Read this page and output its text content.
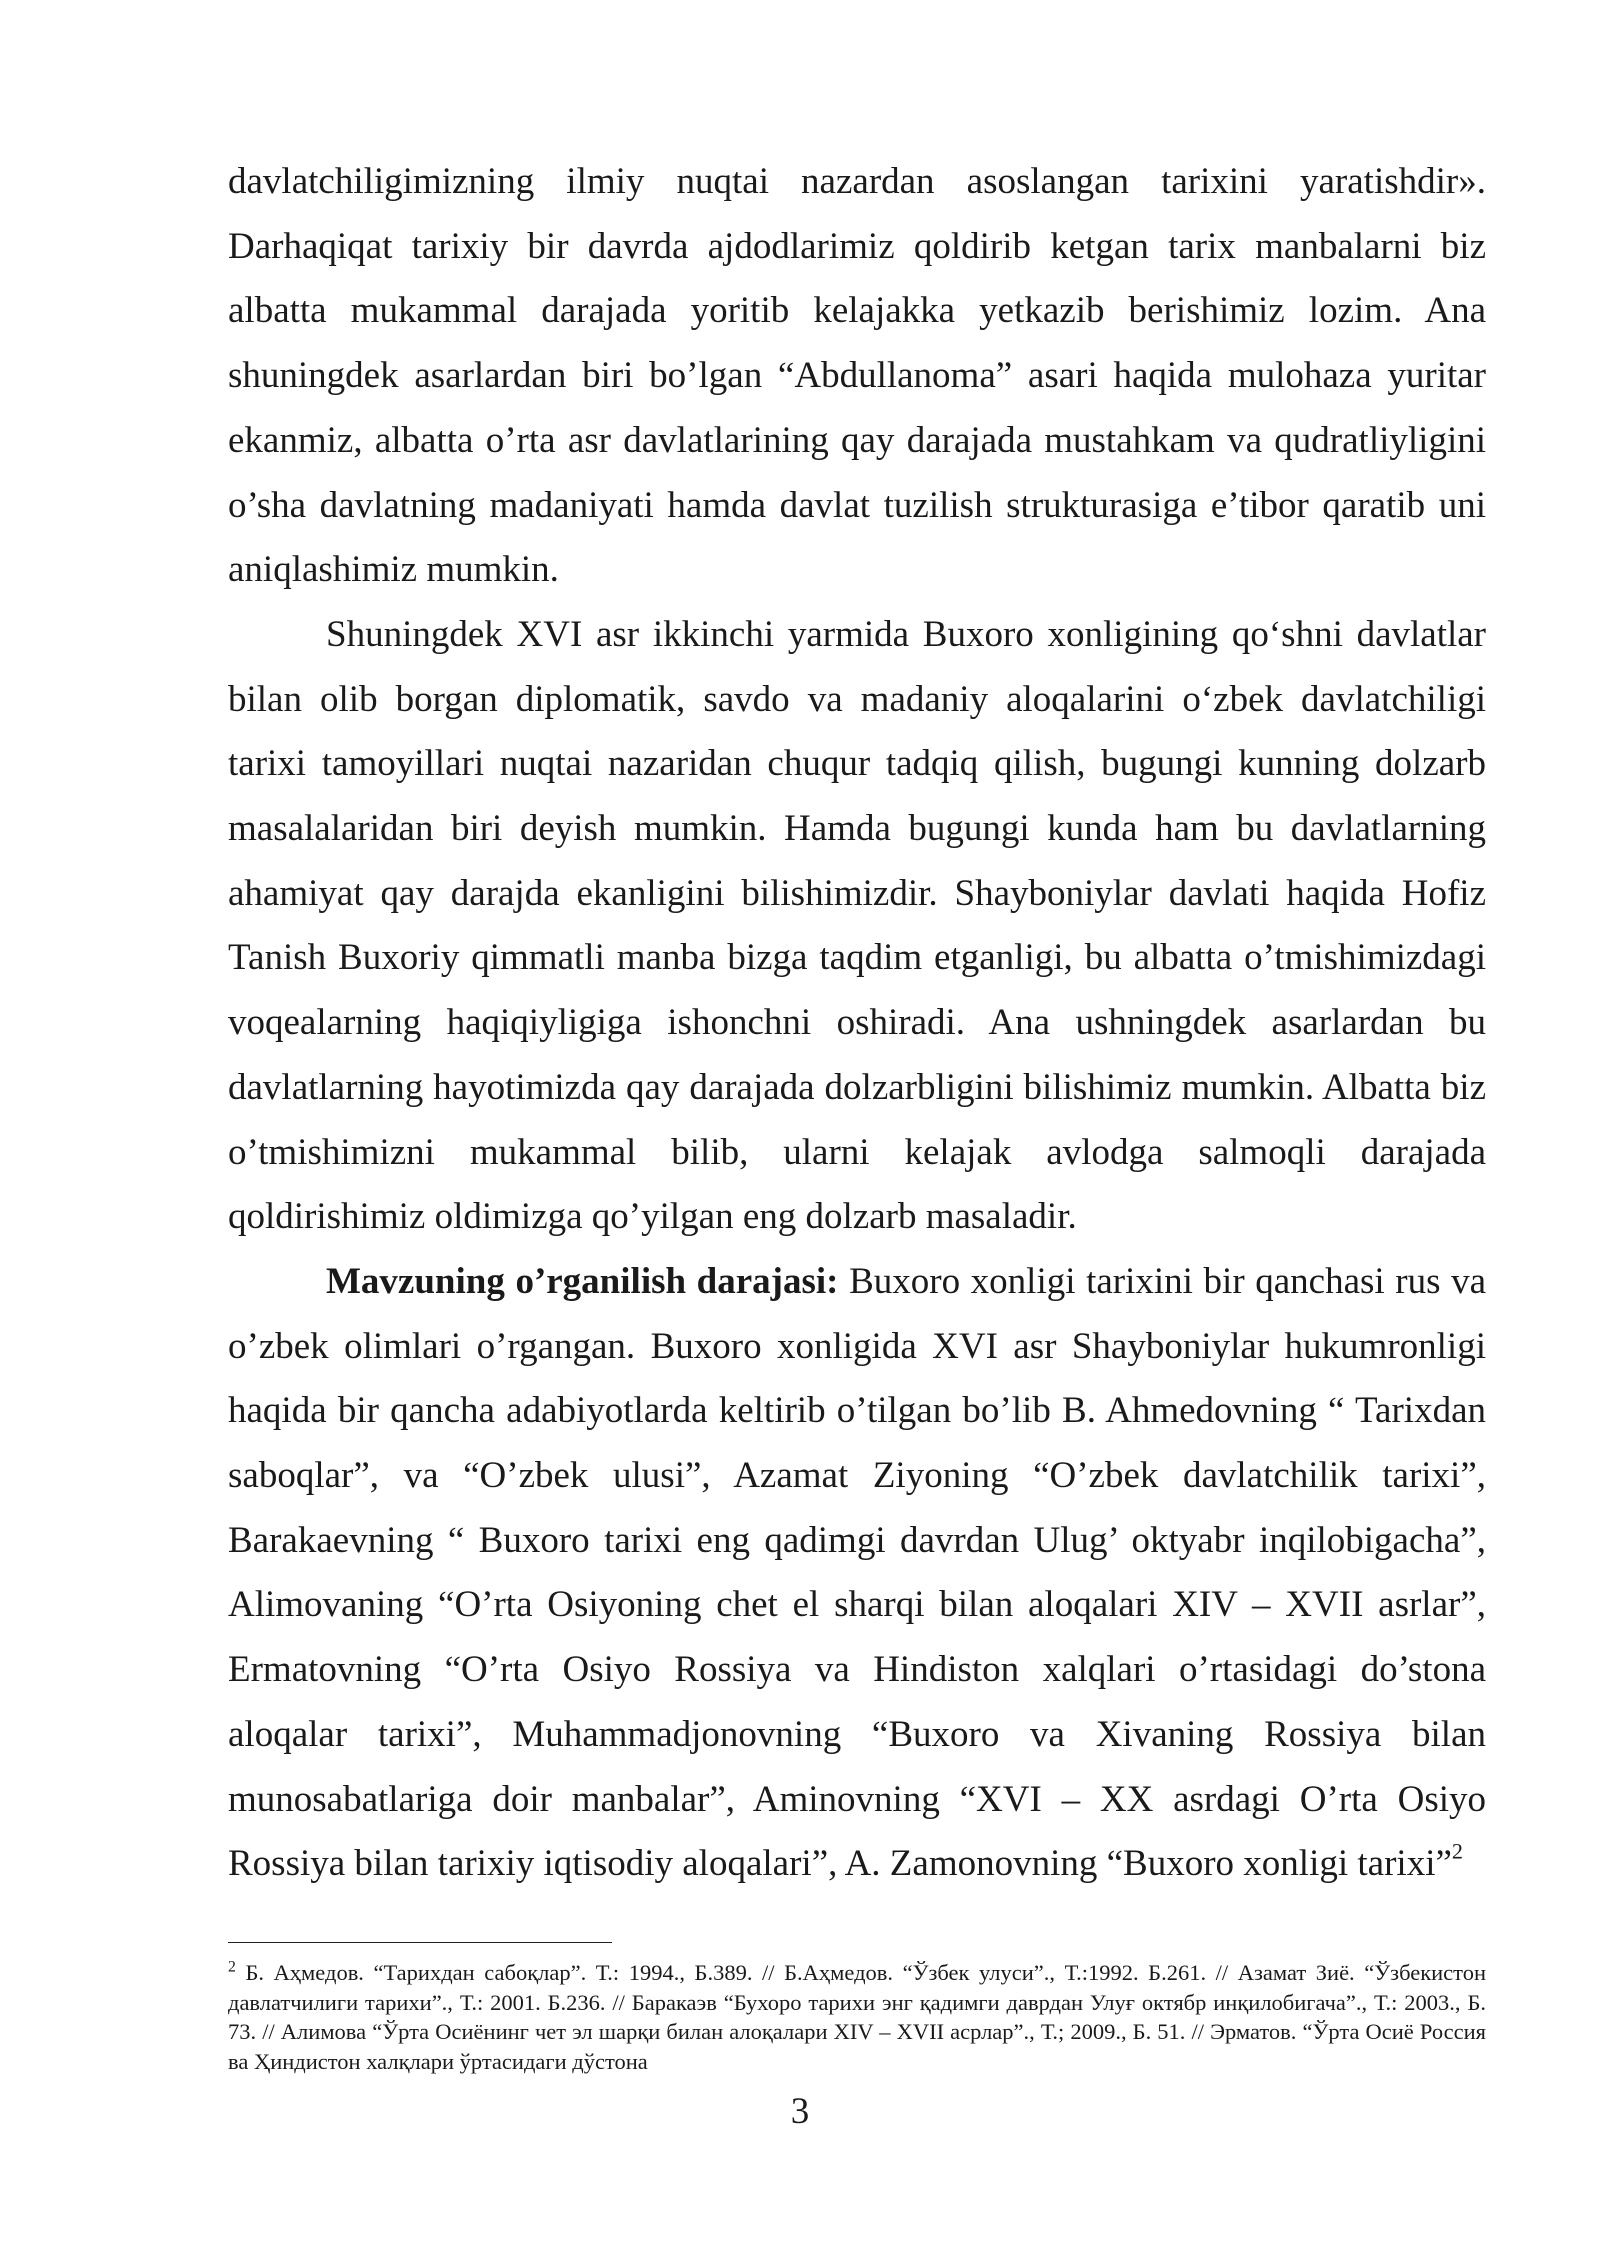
davlatchiligimizning ilmiy nuqtai nazardan asoslangan tarixini yaratishdir». Darhaqiqat tarixiy bir davrda ajdodlarimiz qoldirib ketgan tarix manbalarni biz albatta mukammal darajada yoritib kelajakka yetkazib berishimiz lozim. Ana shuningdek asarlardan biri bo’lgan “Abdullanoma” asari haqida mulohaza yuritar ekanmiz, albatta o’rta asr davlatlarining qay darajada mustahkam va qudratliyligini o’sha davlatning madaniyati hamda davlat tuzilish strukturasiga e’tibor qaratib uni aniqlashimiz mumkin.

Shuningdek XVI asr ikkinchi yarmida Buxoro xonligining qo‘shni davlatlar bilan olib borgan diplomatik, savdo va madaniy aloqalarini o‘zbek davlatchiligi tarixi tamoyillari nuqtai nazaridan chuqur tadqiq qilish, bugungi kunning dolzarb masalalaridan biri deyish mumkin. Hamda bugungi kunda ham bu davlatlarning ahamiyat qay darajda ekanligini bilishimizdir. Shayboniylar davlati haqida Hofiz Tanish Buxoriy qimmatli manba bizga taqdim etganligi, bu albatta o’tmishimizdagi voqealarning haqiqiyligiga ishonchni oshiradi. Ana ushningdek asarlardan bu davlatlarning hayotimizda qay darajada dolzarbligini bilishimiz mumkin. Albatta biz o’tmishimizni mukammal bilib, ularni kelajak avlodga salmoqli darajada qoldirishimiz oldimizga qo’yilgan eng dolzarb masaladir.

Mavzuning o’rganilish darajasi: Buxoro xonligi tarixini bir qanchasi rus va o’zbek olimlari o’rgangan. Buxoro xonligida XVI asr Shayboniylar hukumronligi haqida bir qancha adabiyotlarda keltirib o’tilgan bo’lib B. Ahmedovning “ Tarixdan saboqlar”, va “O’zbek ulusi”, Azamat Ziyoning “O’zbek davlatchilik tarixi”, Barakaevning “ Buxoro tarixi eng qadimgi davrdan Ulug’ oktyabr inqilobigacha”, Alimovaning “O’rta Osiyoning chet el sharqi bilan aloqalari XIV – XVII asrlar”, Ermatovning “O’rta Osiyo Rossiya va Hindiston xalqlari o’rtasidagi do’stona aloqalar tarixi”, Muhammadjonovning “Buxoro va Xivaning Rossiya bilan munosabatlariga doir manbalar”, Aminovning “XVI – XX asrdagi O’rta Osiyo Rossiya bilan tarixiy iqtisodiy aloqalari”, A. Zamonovning “Buxoro xonligi tarixi”$^2$

$^2$ Б. Аҳмедов. “Тарихдан сабоқлар”. Т.: 1994., Б.389. // Б.Аҳмедов. “Ўзбек улуси”., Т.:1992. Б.261. // Азамат Зиё. “Ўзбекистон давлатчилиги тарихи”., Т.: 2001. Б.236. // Баракаэв “Бухоро тарихи энг қадимги даврдан Улуғ октябр инқилобигача”., Т.: 2003., Б. 73. // Алимова “Ўрта Осиёнинг чет эл шарқи билан алоқалари XIV – XVII асрлар”., Т.; 2009., Б. 51. // Эрматов. “Ўрта Осиё Россия ва Ҳиндистон халқлари ўртасидаги дўстона

3
